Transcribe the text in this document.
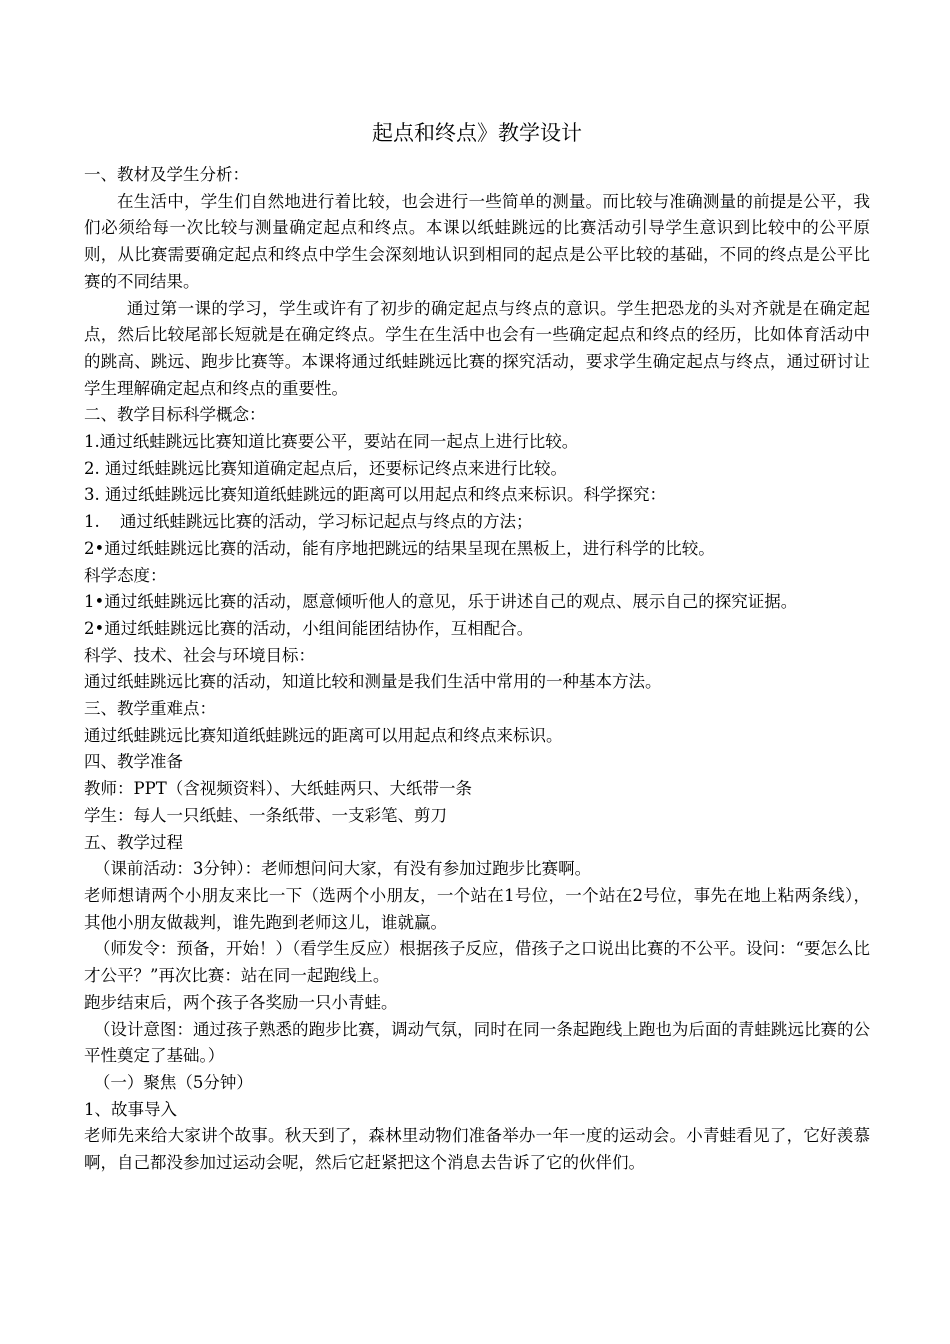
起点和终点》教学设计

一、教材及学生分析：

在生活中，学生们自然地进行着比较，也会进行一些简单的测量。而比较与准确测量的前提是公平，我们必须给每一次比较与测量确定起点和终点。本课以纸蛙跳远的比赛活动引导学生意识到比较中的公平原则，从比赛需要确定起点和终点中学生会深刻地认识到相同的起点是公平比较的基础，不同的终点是公平比赛的不同结果。

通过第一课的学习，学生或许有了初步的确定起点与终点的意识。学生把恐龙的头对齐就是在确定起点，然后比较尾部长短就是在确定终点。学生在生活中也会有一些确定起点和终点的经历，比如体育活动中的跳高、跳远、跑步比赛等。本课将通过纸蛙跳远比赛的探究活动，要求学生确定起点与终点，通过研讨让学生理解确定起点和终点的重要性。

二、教学目标科学概念：

1.通过纸蛙跳远比赛知道比赛要公平，要站在同一起点上进行比较。

2. 通过纸蛙跳远比赛知道确定起点后，还要标记终点来进行比较。

3. 通过纸蛙跳远比赛知道纸蛙跳远的距离可以用起点和终点来标识。科学探究：

1. 通过纸蛙跳远比赛的活动，学习标记起点与终点的方法；

2•通过纸蛙跳远比赛的活动，能有序地把跳远的结果呈现在黑板上，进行科学的比较。

科学态度：

1•通过纸蛙跳远比赛的活动，愿意倾听他人的意见，乐于讲述自己的观点、展示自己的探究证据。

2•通过纸蛙跳远比赛的活动，小组间能团结协作，互相配合。

科学、技术、社会与环境目标：

通过纸蛙跳远比赛的活动，知道比较和测量是我们生活中常用的一种基本方法。

三、教学重难点：

通过纸蛙跳远比赛知道纸蛙跳远的距离可以用起点和终点来标识。

四、教学准备

教师：PPT（含视频资料）、大纸蛙两只、大纸带一条

学生：每人一只纸蛙、一条纸带、一支彩笔、剪刀

五、教学过程

（课前活动：3分钟）：老师想问问大家，有没有参加过跑步比赛啊。

老师想请两个小朋友来比一下（选两个小朋友，一个站在1号位，一个站在2号位，事先在地上粘两条线），其他小朋友做裁判，谁先跑到老师这儿，谁就赢。

（师发令：预备，开始！）（看学生反应）根据孩子反应，借孩子之口说出比赛的不公平。设问：“要怎么比才公平？”再次比赛：站在同一起跑线上。

跑步结束后，两个孩子各奖励一只小青蛙。

（设计意图：通过孩子熟悉的跑步比赛，调动气氛，同时在同一条起跑线上跑也为后面的青蛙跳远比赛的公平性奠定了基础。）

（一）聚焦（5分钟）

1、故事导入

老师先来给大家讲个故事。秋天到了，森林里动物们准备举办一年一度的运动会。小青蛙看见了，它好羡慕啊，自己都没参加过运动会呢，然后它赶紧把这个消息去告诉了它的伙伴们。
